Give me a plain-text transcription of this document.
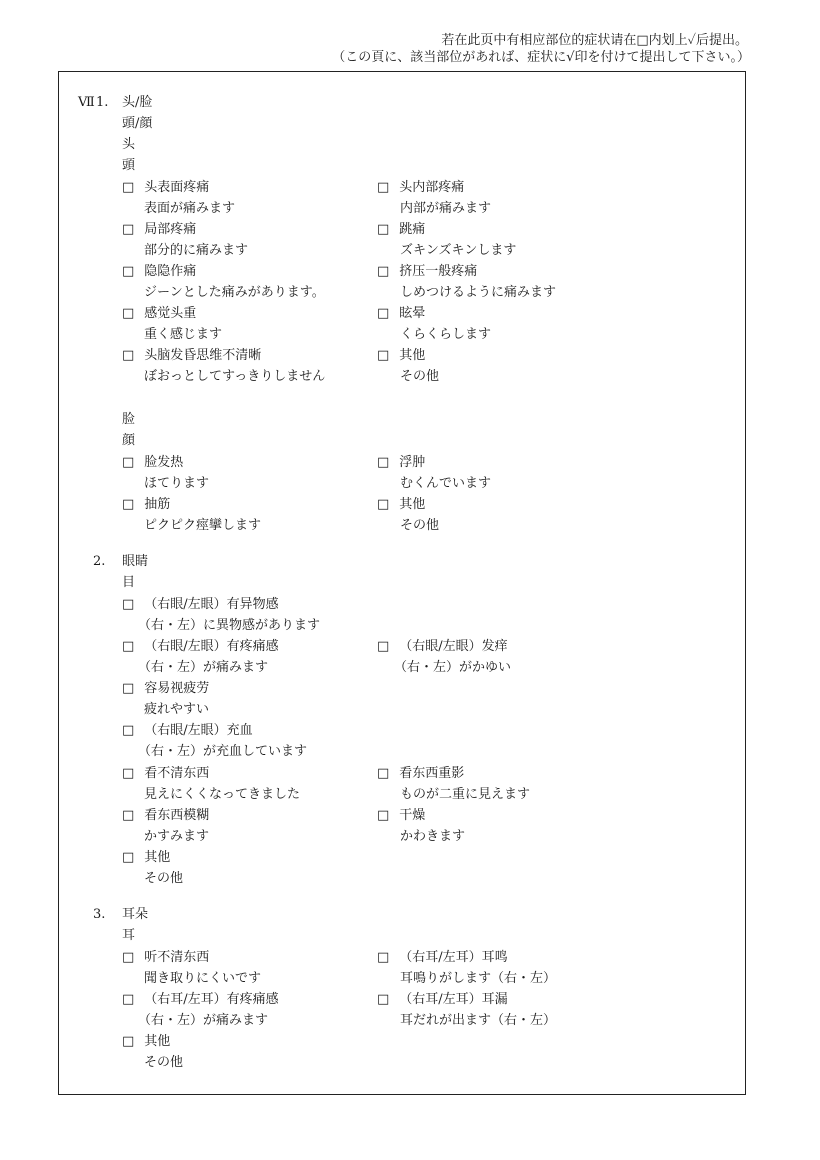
若在此页中有相应部位的症状请在□内划上✓后提出。
（この頁に、該当部位があれば、症状に√印を付けて提出して下さい。）
Ⅶ 1. 头/脸
頭/顔
头
頭
□ 头表面疼痛
表面が痛みます
□ 头内部疼痛
内部が痛みます
□ 局部疼痛
部分的に痛みます
□ 跳痛
ズキンズキンします
□ 隐隐作痛
ジーンとした痛みがあります。
□ 挤压一般疼痛
しめつけるように痛みます
□ 感觉头重
重く感じます
□ 眩晕
くらくらします
□ 头脑发昏思维不清晰
ぼおっとしてすっきりしません
□ 其他
その他
脸
顔
□ 脸发热
ほてります
□ 浮肿
むくんでいます
□ 抽筋
ピクピク痙攣します
□ 其他
その他
2. 眼睛
目
□ （右眼/左眼）有异物感
（右・左）に異物感があります
□ （右眼/左眼）有疼痛感
（右・左）が痛みます
□ （右眼/左眼）发痒
（右・左）がかゆい
□ 容易视疲劳
疲れやすい
□ （右眼/左眼）充血
（右・左）が充血しています
□ 看不清东西
見えにくくなってきました
□ 看东西重影
ものが二重に見えます
□ 看东西模糊
かすみます
□ 干燥
かわきます
□ 其他
その他
3. 耳朵
耳
□ 听不清东西
聞き取りにくいです
□ （右耳/左耳）耳鸣
耳鳴りがします（右・左）
□ （右耳/左耳）有疼痛感
（右・左）が痛みます
□ （右耳/左耳）耳漏
耳だれが出ます（右・左）
□ 其他
その他
